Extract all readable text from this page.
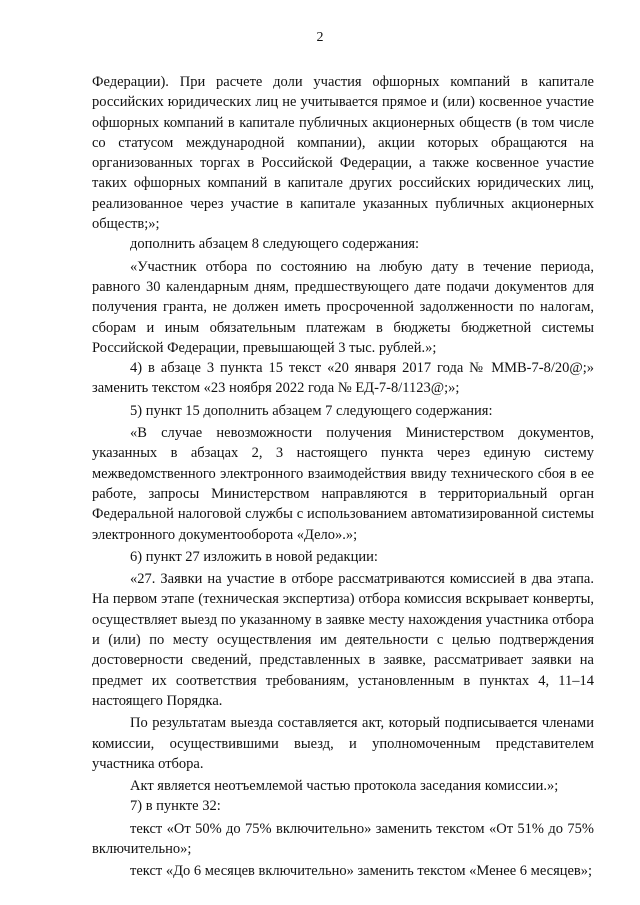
2

Федерации). При расчете доли участия офшорных компаний в капитале российских юридических лиц не учитывается прямое и (или) косвенное участие офшорных компаний в капитале публичных акционерных обществ (в том числе со статусом международной компании), акции которых обращаются на организованных торгах в Российской Федерации, а также косвенное участие таких офшорных компаний в капитале других российских юридических лиц, реализованное через участие в капитале указанных публичных акционерных обществ;»;

дополнить абзацем 8 следующего содержания:

«Участник отбора по состоянию на любую дату в течение периода, равного 30 календарным дням, предшествующего дате подачи документов для получения гранта, не должен иметь просроченной задолженности по налогам, сборам и иным обязательным платежам в бюджеты бюджетной системы Российской Федерации, превышающей 3 тыс. рублей.»;

4) в абзаце 3 пункта 15 текст «20 января 2017 года № ММВ-7-8/20@;» заменить текстом «23 ноября 2022 года № ЕД-7-8/1123@;»;

5) пункт 15 дополнить абзацем 7 следующего содержания:

«В случае невозможности получения Министерством документов, указанных в абзацах 2, 3 настоящего пункта через единую систему межведомственного электронного взаимодействия ввиду технического сбоя в ее работе, запросы Министерством направляются в территориальный орган Федеральной налоговой службы с использованием автоматизированной системы электронного документооборота «Дело».»;

6) пункт 27 изложить в новой редакции:

«27. Заявки на участие в отборе рассматриваются комиссией в два этапа. На первом этапе (техническая экспертиза) отбора комиссия вскрывает конверты, осуществляет выезд по указанному в заявке месту нахождения участника отбора и (или) по месту осуществления им деятельности с целью подтверждения достоверности сведений, представленных в заявке, рассматривает заявки на предмет их соответствия требованиям, установленным в пунктах 4, 11–14 настоящего Порядка.

По результатам выезда составляется акт, который подписывается членами комиссии, осуществившими выезд, и уполномоченным представителем участника отбора.

Акт является неотъемлемой частью протокола заседания комиссии.»;

7) в пункте 32:

текст «От 50% до 75% включительно» заменить текстом «От 51% до 75% включительно»;

текст «До 6 месяцев включительно» заменить текстом «Менее 6 месяцев»;
